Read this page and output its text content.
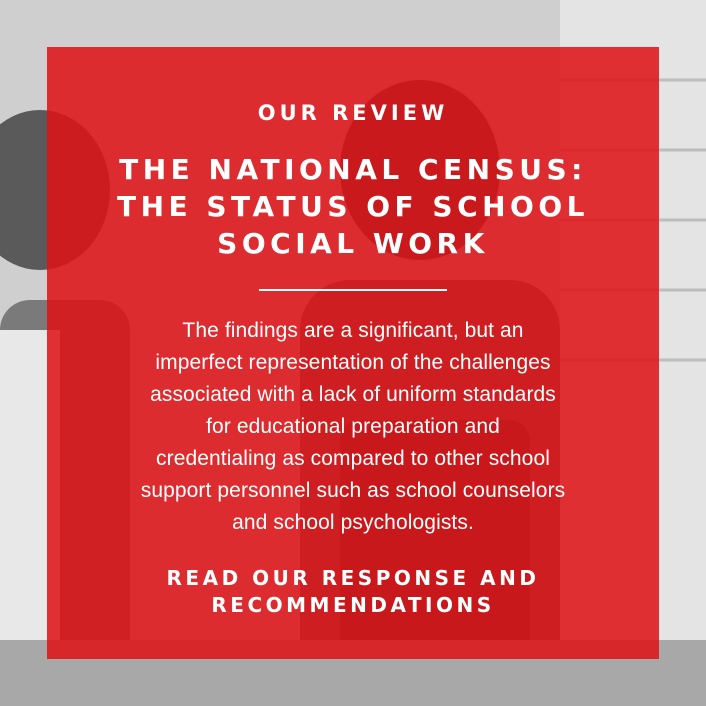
OUR REVIEW
THE NATIONAL CENSUS:
THE STATUS OF SCHOOL
SOCIAL WORK
The findings are a significant, but an
imperfect representation of the challenges
associated with a lack of uniform standards
for educational preparation and
credentialing as compared to other school
support personnel such as school counselors
and school psychologists.
READ OUR RESPONSE AND
RECOMMENDATIONS
